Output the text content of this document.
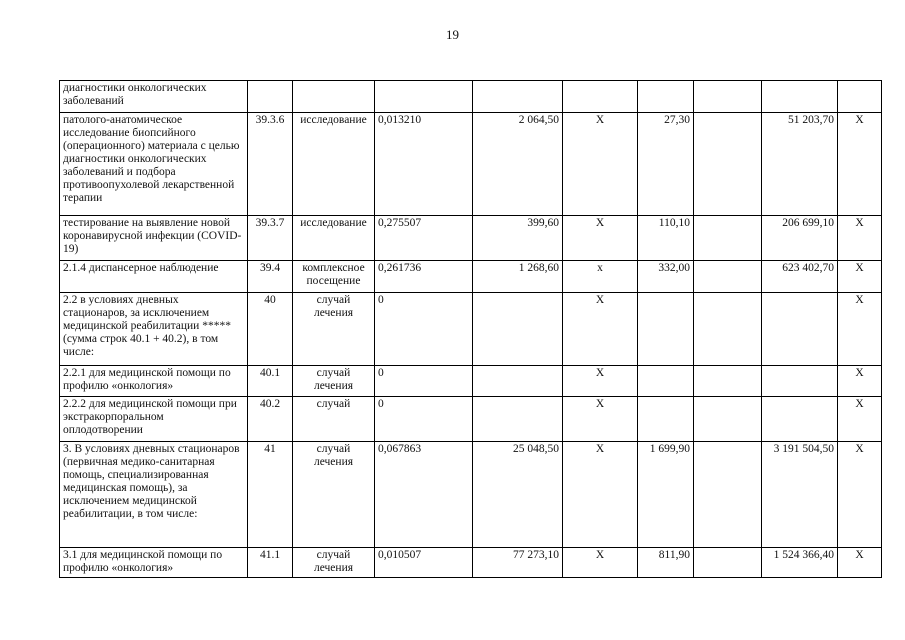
19
диагностики онкологических заболеваний									
патолого-анатомическое исследование биопсийного (операционного) материала с целью диагностики онкологических заболеваний и подбора противоопухолевой лекарственной терапии	39.3.6	исследование	0,013210	2 064,50	X	27,30		51 203,70	X
тестирование на выявление новой коронавирусной инфекции (COVID-19)	39.3.7	исследование	0,275507	399,60	X	110,10		206 699,10	X
2.1.4 диспансерное наблюдение	39.4	комплексное посещение	0,261736	1 268,60	x	332,00		623 402,70	X
2.2 в условиях дневных стационаров, за исключением медицинской реабилитации ***** (сумма строк 40.1 + 40.2), в том числе:	40	случай лечения	0		X				X
2.2.1 для медицинской помощи по профилю «онкология»	40.1	случай лечения	0		X				X
2.2.2 для медицинской помощи при экстракорпоральном оплодотворении	40.2	случай	0		X				X
3. В условиях дневных стационаров (первичная медико-санитарная помощь, специализированная медицинская помощь), за исключением медицинской реабилитации, в том числе:	41	случай лечения	0,067863	25 048,50	X	1 699,90		3 191 504,50	X
3.1 для медицинской помощи по профилю «онкология»	41.1	случай лечения	0,010507	77 273,10	X	811,90		1 524 366,40	X
